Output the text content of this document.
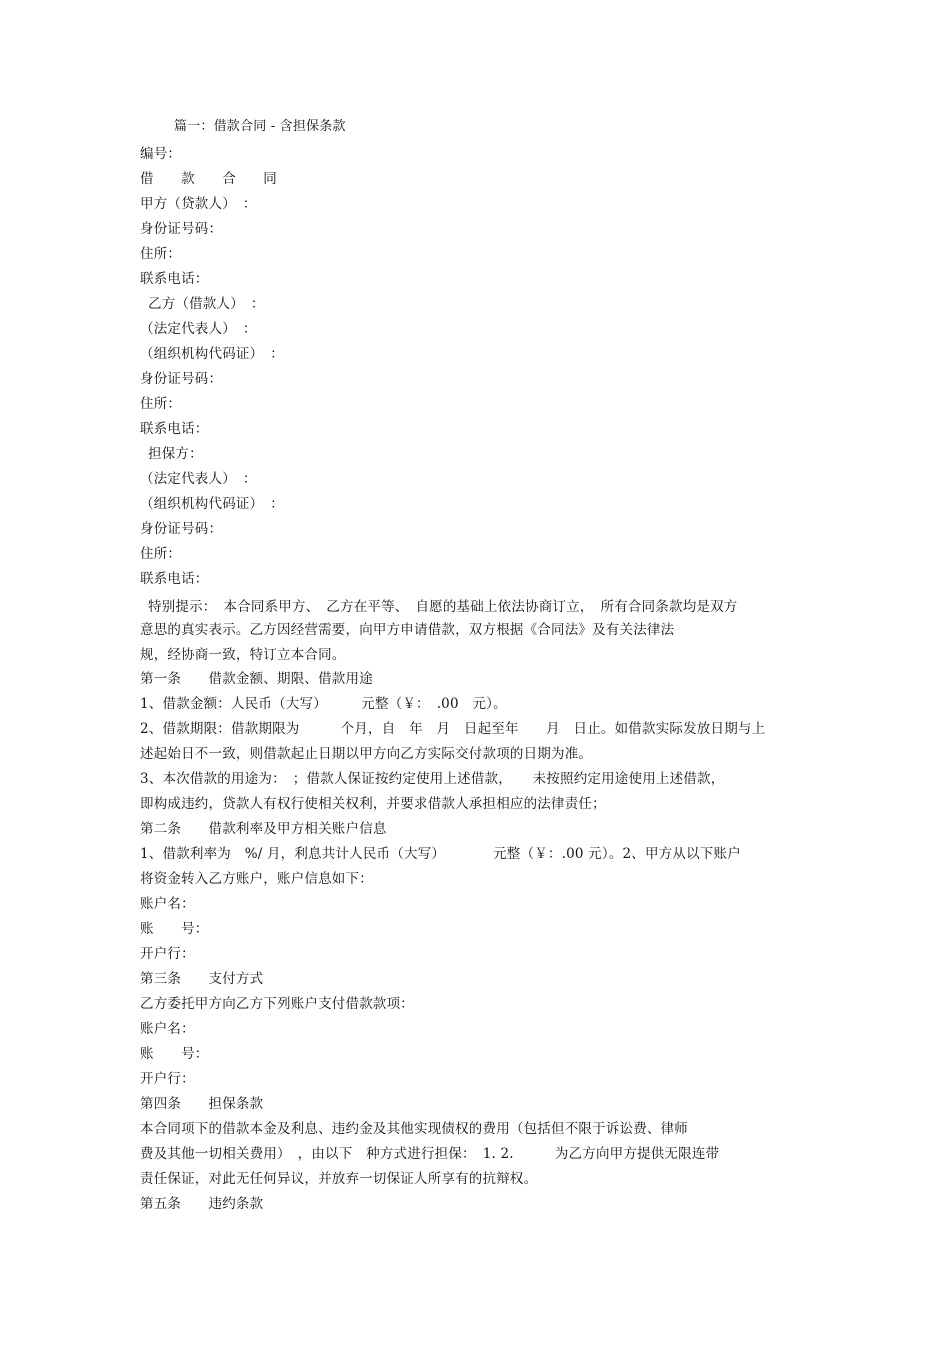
篇一：借款合同 - 含担保条款
编号：
借　　款　　合　　同
甲方（贷款人）　：
身份证号码：
住所：
联系电话：
乙方（借款人）　：
（法定代表人）　：
（组织机构代码证）　：
身份证号码：
住所：
联系电话：
担保方：
（法定代表人）　：
（组织机构代码证）　：
身份证号码：
住所：
联系电话：
特别提示：　本合同系甲方、　乙方在平等、　自愿的基础上依法协商订立，　所有合同条款均是双方
意思的真实表示。乙方因经营需要，向甲方申请借款，双方根据《合同法》及有关法律法
规，经协商一致，特订立本合同。
第一条　　借款金额、期限、借款用途
1、借款金额：人民币（大写）　　　元整（￥：　.00　元）。
2、借款期限：借款期限为　　　个月，自　年　月　日起至年　　月　日止。如借款实际发放日期与上
述起始日不一致，则借款起止日期以甲方向乙方实际交付款项的日期为准。
3、本次借款的用途为：　；借款人保证按约定使用上述借款，　　未按照约定用途使用上述借款，
即构成违约，贷款人有权行使相关权利，并要求借款人承担相应的法律责任；
第二条　　借款利率及甲方相关账户信息
1、借款利率为　%/ 月，利息共计人民币（大写）　　　　元整（￥：.00 元）。2、甲方从以下账户
将资金转入乙方账户，账户信息如下：
账户名：
账　　号：
开户行：
第三条　　支付方式
乙方委托甲方向乙方下列账户支付借款款项：
账户名：
账　　号：
开户行：
第四条　　担保条款
本合同项下的借款本金及利息、违约金及其他实现债权的费用（包括但不限于诉讼费、律师
费及其他一切相关费用）　，由以下　种方式进行担保：　1. 2.　　　为乙方向甲方提供无限连带
责任保证，对此无任何异议，并放弃一切保证人所享有的抗辩权。
第五条　　违约条款
